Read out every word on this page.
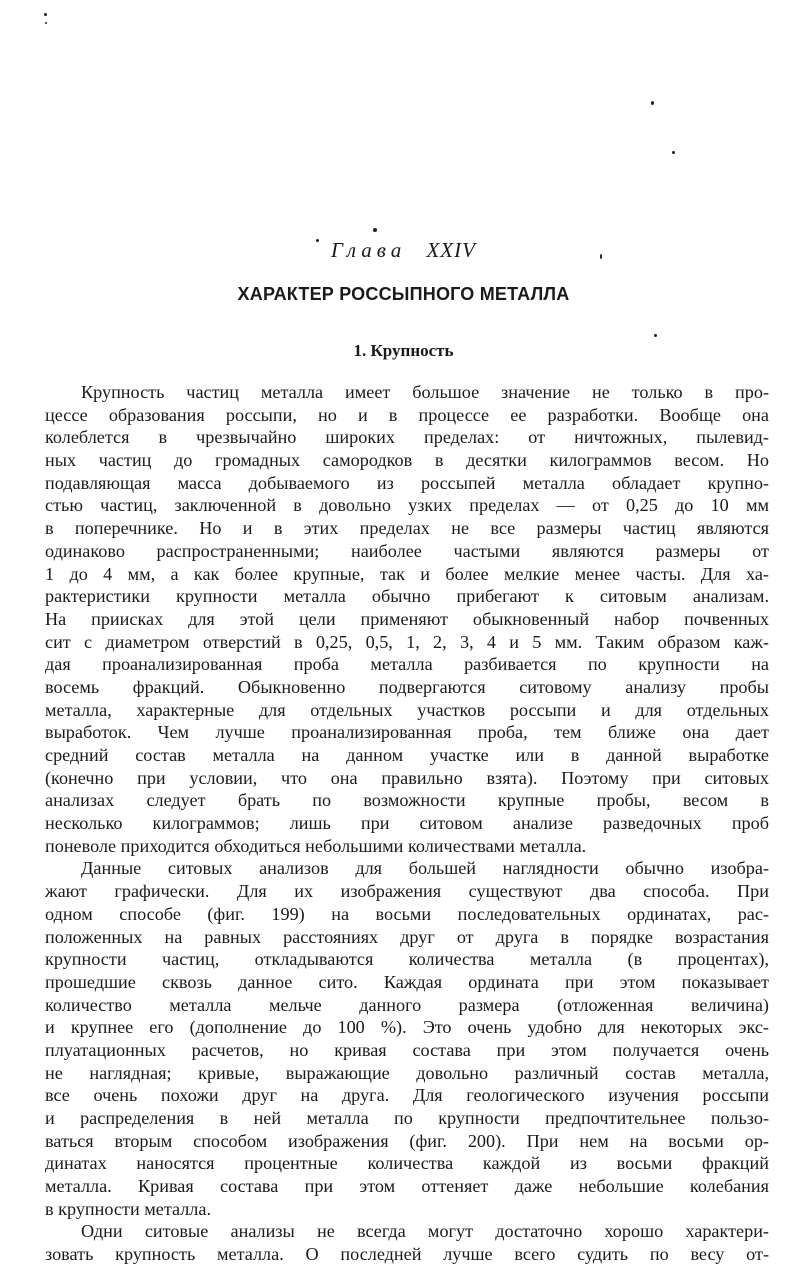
Глава XXIV
ХАРАКТЕР РОССЫПНОГО МЕТАЛЛА
1. Крупность
Крупность частиц металла имеет большое значение не только в про-
цессе образования россыпи, но и в процессе ее разработки. Вообще она
колеблется в чрезвычайно широких пределах: от ничтожных, пылевид-
ных частиц до громадных самородков в десятки килограммов весом. Но
подавляющая масса добываемого из россыпей металла обладает крупно-
стью частиц, заключенной в довольно узких пределах — от 0,25 до 10 мм
в поперечнике. Но и в этих пределах не все размеры частиц являются
одинаково распространенными; наиболее частыми являются размеры от
1 до 4 мм, а как более крупные, так и более мелкие менее часты. Для ха-
рактеристики крупности металла обычно прибегают к ситовым анализам.
На приисках для этой цели применяют обыкновенный набор почвенных
сит с диаметром отверстий в 0,25, 0,5, 1, 2, 3, 4 и 5 мм. Таким образом каж-
дая проанализированная проба металла разбивается по крупности на
восемь фракций. Обыкновенно подвергаются ситовому анализу пробы
металла, характерные для отдельных участков россыпи и для отдельных
выработок. Чем лучше проанализированная проба, тем ближе она дает
средний состав металла на данном участке или в данной выработке
(конечно при условии, что она правильно взята). Поэтому при ситовых
анализах следует брать по возможности крупные пробы, весом в
несколько килограммов; лишь при ситовом анализе разведочных проб
поневоле приходится обходиться небольшими количествами металла.
Данные ситовых анализов для большей наглядности обычно изобра-
жают графически. Для их изображения существуют два способа. При
одном способе (фиг. 199) на восьми последовательных ординатах, рас-
положенных на равных расстояниях друг от друга в порядке возрастания
крупности частиц, откладываются количества металла (в процентах),
прошедшие сквозь данное сито. Каждая ордината при этом показывает
количество металла мельче данного размера (отложенная величина)
и крупнее его (дополнение до 100 %). Это очень удобно для некоторых экс-
плуатационных расчетов, но кривая состава при этом получается очень
не наглядная; кривые, выражающие довольно различный состав металла,
все очень похожи друг на друга. Для геологического изучения россыпи
и распределения в ней металла по крупности предпочтительнее пользо-
ваться вторым способом изображения (фиг. 200). При нем на восьми ор-
динатах наносятся процентные количества каждой из восьми фракций
металла. Кривая состава при этом оттеняет даже небольшие колебания
в крупности металла.
Одни ситовые анализы не всегда могут достаточно хорошо характери-
зовать крупность металла. О последней лучше всего судить по весу от-
